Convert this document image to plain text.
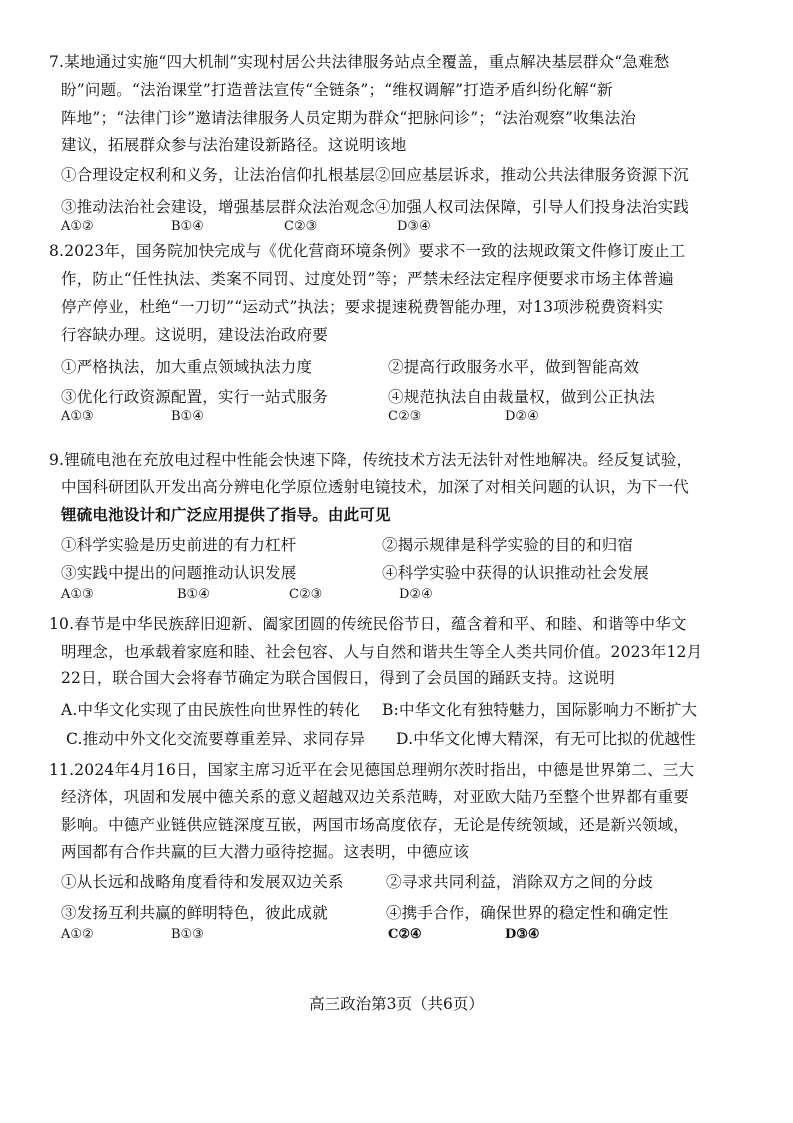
7.某地通过实施“四大机制”实现村居公共法律服务站点全覆盖，重点解决基层群众“急难愁
盼”问题。“法治课堂”打造普法宣传“全链条”；“维权调解”打造矛盾纠纷化解“新
阵地”；“法律门诊”邀请法律服务人员定期为群众“把脉问诊”；“法治观察”收集法治
建议，拓展群众参与法治建设新路径。这说明该地
①合理设定权利和义务，让法治信仰扎根基层②回应基层诉求，推动公共法律服务资源下沉
③推动法治社会建设，增强基层群众法治观念④加强人权司法保障，引导人们投身法治实践
A①②	B①④	C②③	D③④
8.2023年，国务院加快完成与《优化营商环境条例》要求不一致的法规政策文件修订废止工
作，防止“任性执法、类案不同罚、过度处罚”等；严禁未经法定程序便要求市场主体普遍
停产停业，杜绝“一刀切”“运动式”执法；要求提速税费智能办理，对13项涉税费资料实
行容缺办理。这说明，建设法治政府要
①严格执法，加大重点领域执法力度	②提高行政服务水平，做到智能高效
③优化行政资源配置，实行一站式服务	④规范执法自由裁量权，做到公正执法
A①③	B①④	C②③	D②④
9.锂硫电池在充放电过程中性能会快速下降，传统技术方法无法针对性地解决。经反复试验，
中国科研团队开发出高分辨电化学原位透射电镜技术，加深了对相关问题的认识，为下一代
锂硫电池设计和广泛应用提供了指导。由此可见
①科学实验是历史前进的有力杠杆	②揭示规律是科学实验的目的和归宿
③实践中提出的问题推动认识发展	④科学实验中获得的认识推动社会发展
A①③	B①④	C②③	D②④
10.春节是中华民族辞旧迎新、阖家团圆的传统民俗节日，蕴含着和平、和睦、和谐等中华文
明理念，也承载着家庭和睦、社会包容、人与自然和谐共生等全人类共同价值。2023年12月
22日，联合国大会将春节确定为联合国假日，得到了会员国的踊跃支持。这说明
A.中华文化实现了由民族性向世界性的转化 B:中华文化有独特魅力，国际影响力不断扩大
C.推动中外文化交流要尊重差异、求同存异 D.中华文化博大精深，有无可比拟的优越性
11.2024年4月16日，国家主席习近平在会见德国总理朔尔茨时指出，中德是世界第二、三大
经济体，巩固和发展中德关系的意义超越双边关系范畴，对亚欧大陆乃至整个世界都有重要
影响。中德产业链供应链深度互嵌，两国市场高度依存，无论是传统领域，还是新兴领域，
两国都有合作共赢的巨大潜力亟待挖掘。这表明，中德应该
①从长远和战略角度看待和发展双边关系	②寻求共同利益，消除双方之间的分歧
③发扬互利共赢的鲜明特色，彼此成就	④携手合作，确保世界的稳定性和确定性
A①②	B①③	C②④	D③④
高三政治第3页（共6页）
